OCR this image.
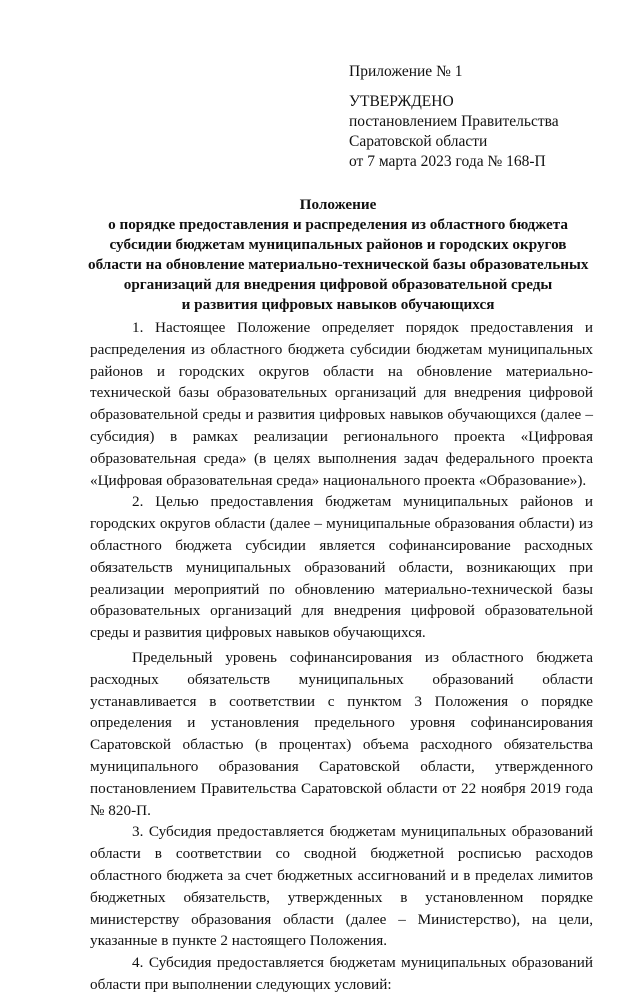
Приложение № 1
УТВЕРЖДЕНО
постановлением Правительства
Саратовской области
от 7 марта 2023 года № 168-П
Положение
о порядке предоставления и распределения из областного бюджета
субсидии бюджетам муниципальных районов и городских округов
области на обновление материально-технической базы образовательных
организаций для внедрения цифровой образовательной среды
и развития цифровых навыков обучающихся

1. Настоящее Положение определяет порядок предоставления и распределения из областного бюджета субсидии бюджетам муниципальных районов и городских округов области на обновление материально-технической базы образовательных организаций для внедрения цифровой образовательной среды и развития цифровых навыков обучающихся (далее – субсидия) в рамках реализации регионального проекта «Цифровая образовательная среда» (в целях выполнения задач федерального проекта «Цифровая образовательная среда» национального проекта «Образование»).

2. Целью предоставления бюджетам муниципальных районов и городских округов области (далее – муниципальные образования области) из областного бюджета субсидии является софинансирование расходных обязательств муниципальных образований области, возникающих при реализации мероприятий по обновлению материально-технической базы образовательных организаций для внедрения цифровой образовательной среды и развития цифровых навыков обучающихся.

Предельный уровень софинансирования из областного бюджета расходных обязательств муниципальных образований области устанавливается в соответствии с пунктом 3 Положения о порядке определения и установления предельного уровня софинансирования Саратовской областью (в процентах) объема расходного обязательства муниципального образования Саратовской области, утвержденного постановлением Правительства Саратовской области от 22 ноября 2019 года № 820-П.

3. Субсидия предоставляется бюджетам муниципальных образований области в соответствии со сводной бюджетной росписью расходов областного бюджета за счет бюджетных ассигнований и в пределах лимитов бюджетных обязательств, утвержденных в установленном порядке министерству образования области (далее – Министерство), на цели, указанные в пункте 2 настоящего Положения.

4. Субсидия предоставляется бюджетам муниципальных образований области при выполнении следующих условий:
